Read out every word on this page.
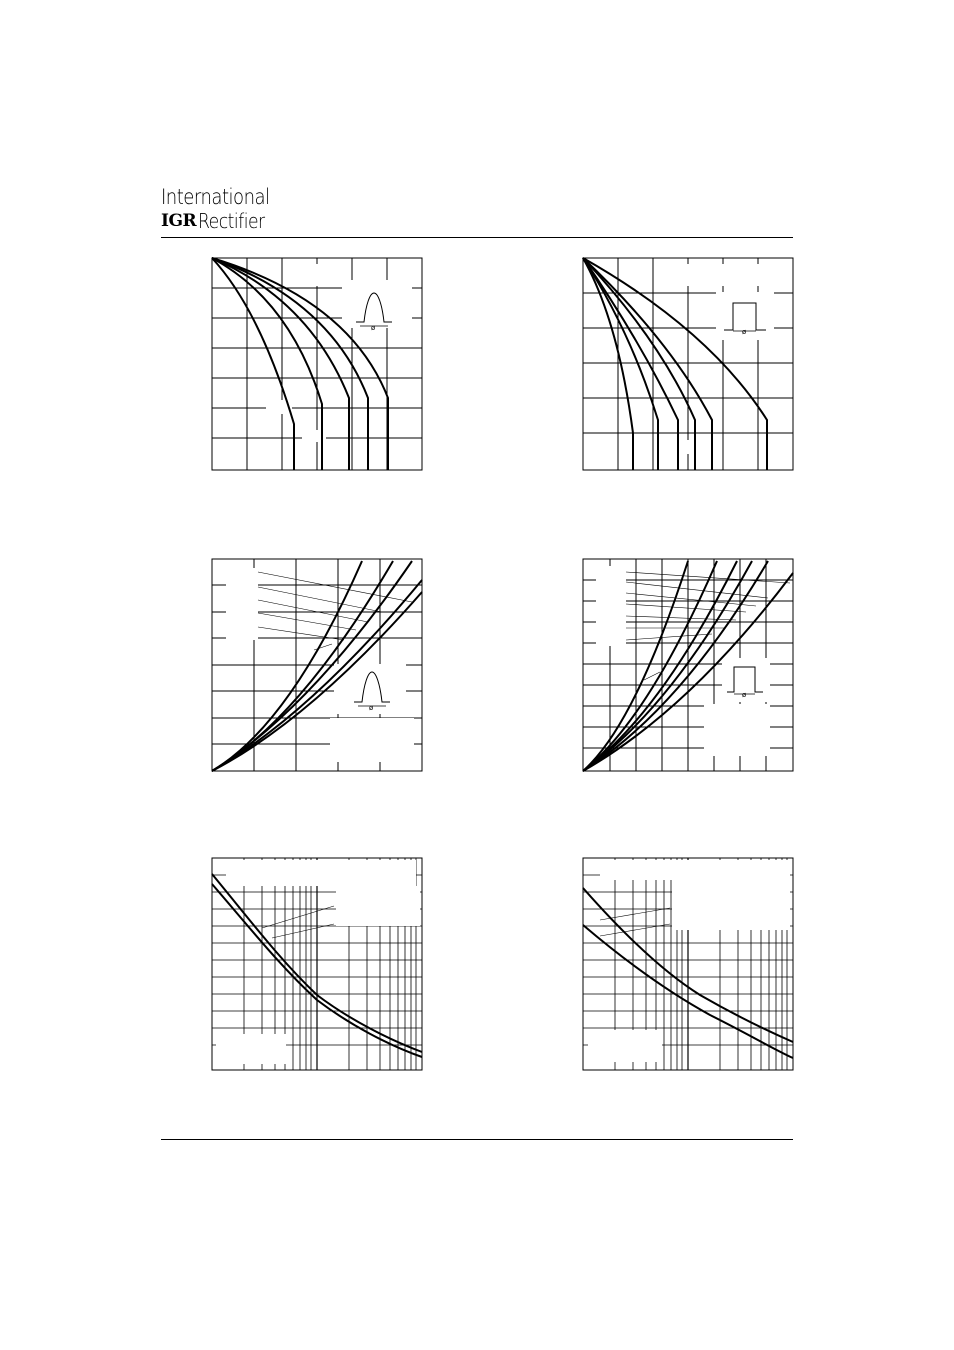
International
IGR Rectifier
ø	ø
ø
ø
